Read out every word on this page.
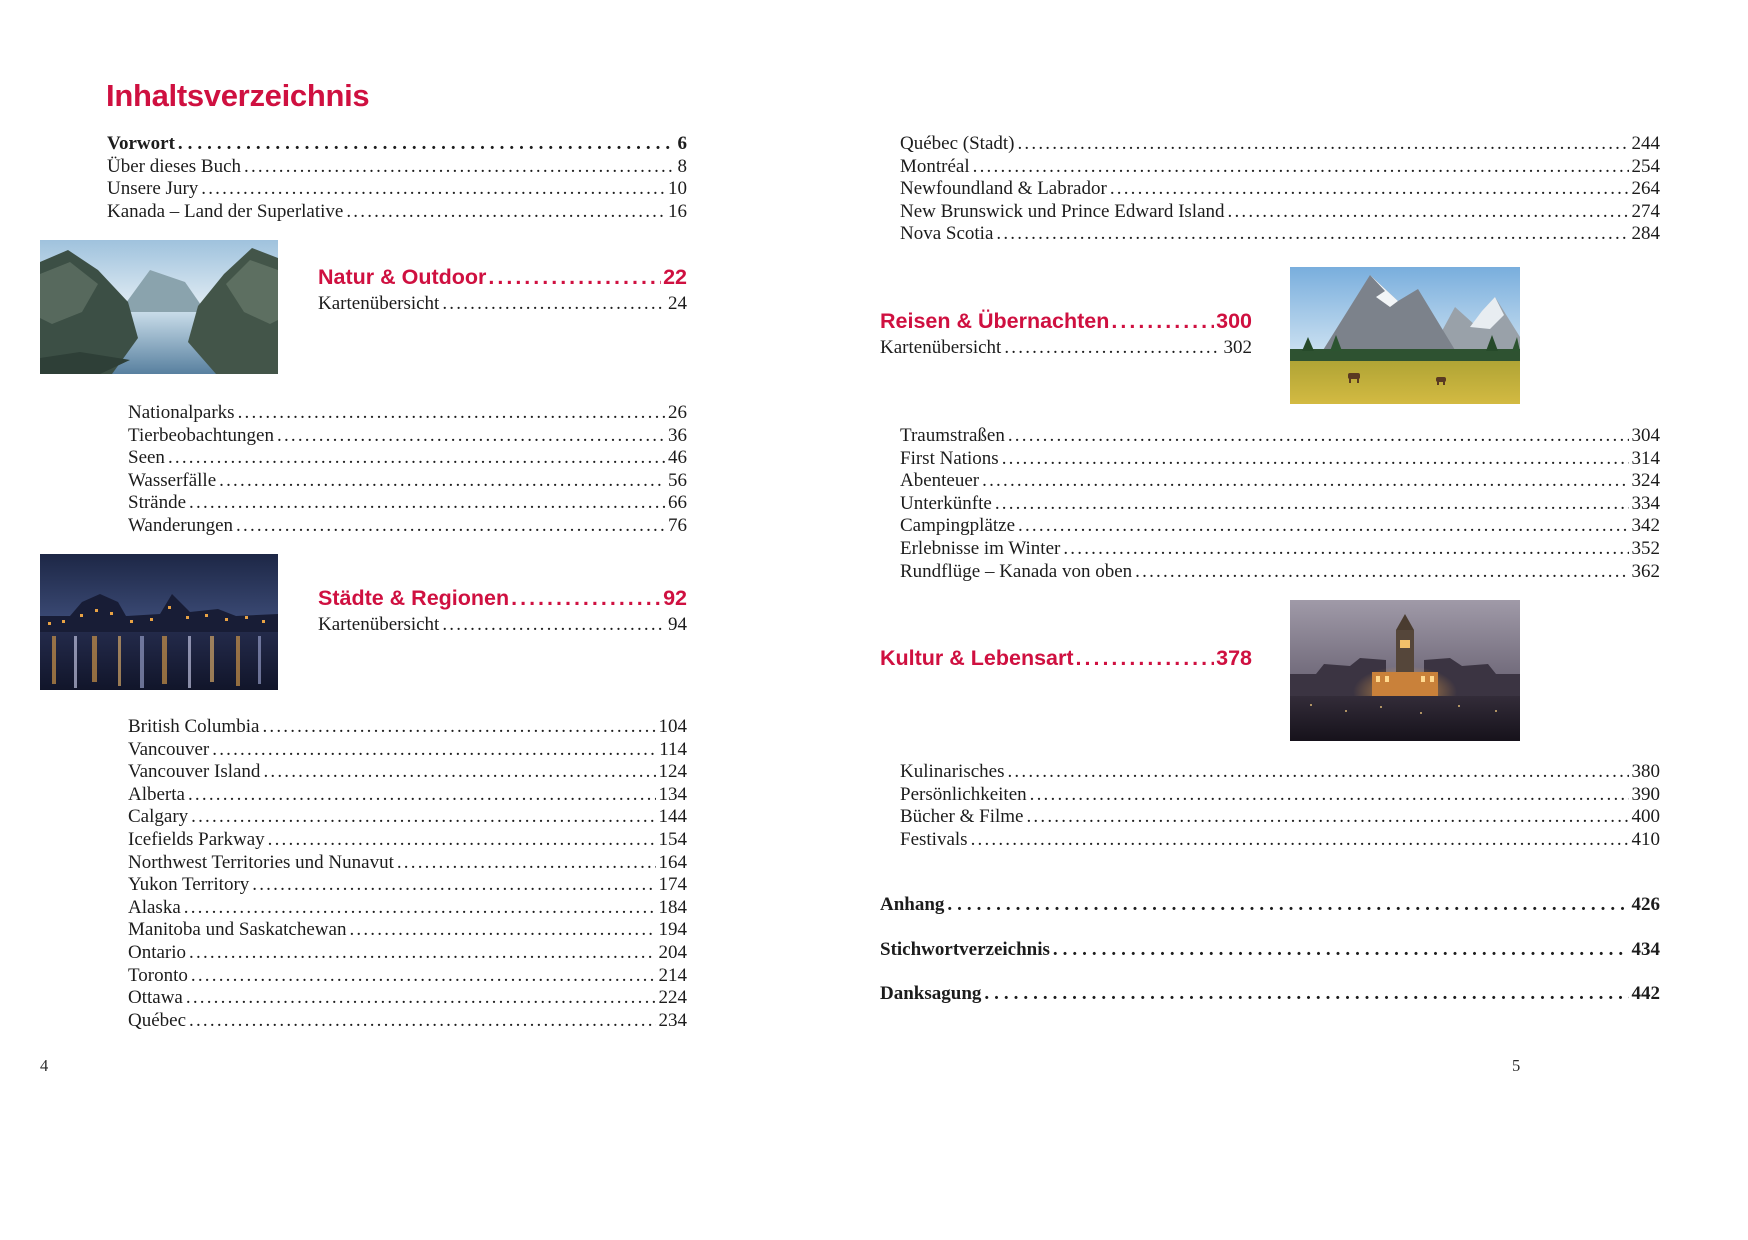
Inhaltsverzeichnis
Vorwort .....	6
Über dieses Buch .....	8
Unsere Jury .....	10
Kanada – Land der Superlative .....	16
Natur & Outdoor .....	22
Kartenübersicht .....	24
Nationalparks .....	26
Tierbeobachtungen .....	36
Seen .....	46
Wasserfälle .....	56
Strände .....	66
Wanderungen .....	76
Städte & Regionen .....	92
Kartenübersicht .....	94
British Columbia .....	104
Vancouver .....	114
Vancouver Island .....	124
Alberta .....	134
Calgary .....	144
Icefields Parkway .....	154
Northwest Territories und Nunavut .....	164
Yukon Territory .....	174
Alaska .....	184
Manitoba und Saskatchewan .....	194
Ontario .....	204
Toronto .....	214
Ottawa .....	224
Québec .....	234
4
Québec (Stadt) .....	244
Montréal .....	254
Newfoundland & Labrador .....	264
New Brunswick und Prince Edward Island .....	274
Nova Scotia .....	284
Reisen & Übernachten .....	300
Kartenübersicht .....	302
Traumstraßen .....	304
First Nations .....	314
Abenteuer .....	324
Unterkünfte .....	334
Campingplätze .....	342
Erlebnisse im Winter .....	352
Rundflüge – Kanada von oben .....	362
Kultur & Lebensart .....	378
Kulinarisches .....	380
Persönlichkeiten .....	390
Bücher & Filme .....	400
Festivals .....	410
Anhang .....	426
Stichwortverzeichnis .....	434
Danksagung .....	442
5
